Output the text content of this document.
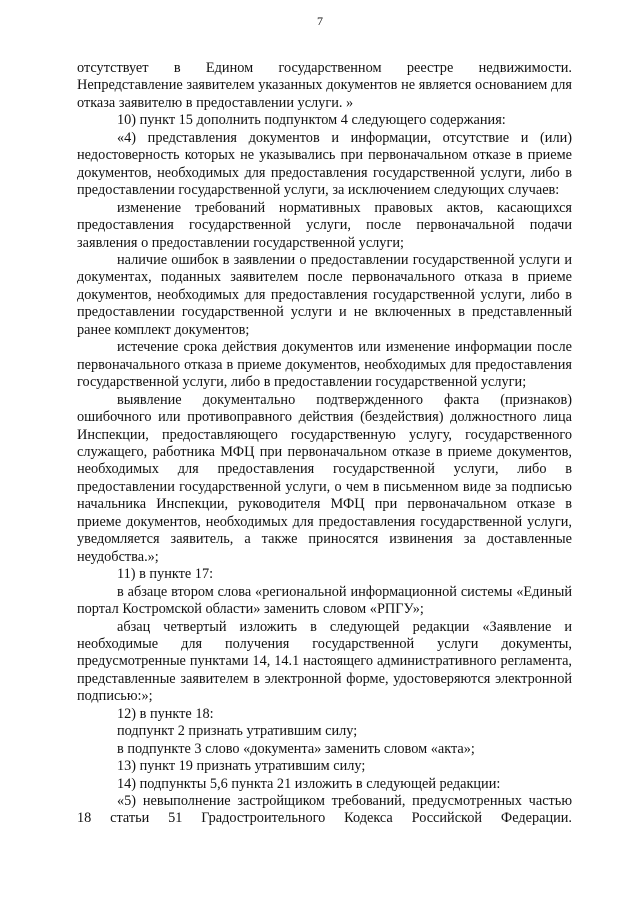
7

отсутствует в Едином государственном реестре недвижимости. Непредставление заявителем указанных документов не является основанием для отказа заявителю в предоставлении услуги. »

10) пункт 15 дополнить подпунктом 4 следующего содержания:

«4) представления документов и информации, отсутствие и (или) недостоверность которых не указывались при первоначальном отказе в приеме документов, необходимых для предоставления государственной услуги, либо в предоставлении государственной услуги, за исключением следующих случаев:

изменение требований нормативных правовых актов, касающихся предоставления государственной услуги, после первоначальной подачи заявления о предоставлении государственной услуги;

наличие ошибок в заявлении о предоставлении государственной услуги и документах, поданных заявителем после первоначального отказа в приеме документов, необходимых для предоставления государственной услуги, либо в предоставлении государственной услуги и не включенных в представленный ранее комплект документов;

истечение срока действия документов или изменение информации после первоначального отказа в приеме документов, необходимых для предоставления государственной услуги, либо в предоставлении государственной услуги;

выявление документально подтвержденного факта (признаков) ошибочного или противоправного действия (бездействия) должностного лица Инспекции, предоставляющего государственную услугу, государственного служащего, работника МФЦ при первоначальном отказе в приеме документов, необходимых для предоставления государственной услуги, либо в предоставлении государственной услуги, о чем в письменном виде за подписью начальника Инспекции, руководителя МФЦ при первоначальном отказе в приеме документов, необходимых для предоставления государственной услуги, уведомляется заявитель, а также приносятся извинения за доставленные неудобства.»;

11) в пункте 17:

в абзаце втором слова «региональной информационной системы «Единый портал Костромской области» заменить словом «РПГУ»;

абзац четвертый изложить в следующей редакции «Заявление и необходимые для получения государственной услуги документы, предусмотренные пунктами 14, 14.1 настоящего административного регламента, представленные заявителем в электронной форме, удостоверяются электронной подписью:»;

12) в пункте 18:

подпункт 2 признать утратившим силу;

в подпункте 3 слово «документа» заменить словом «акта»;

13) пункт 19 признать утратившим силу;

14) подпункты 5,6 пункта 21 изложить в следующей редакции:

«5) невыполнение застройщиком требований, предусмотренных частью 18 статьи 51 Градостроительного Кодекса Российской Федерации.
